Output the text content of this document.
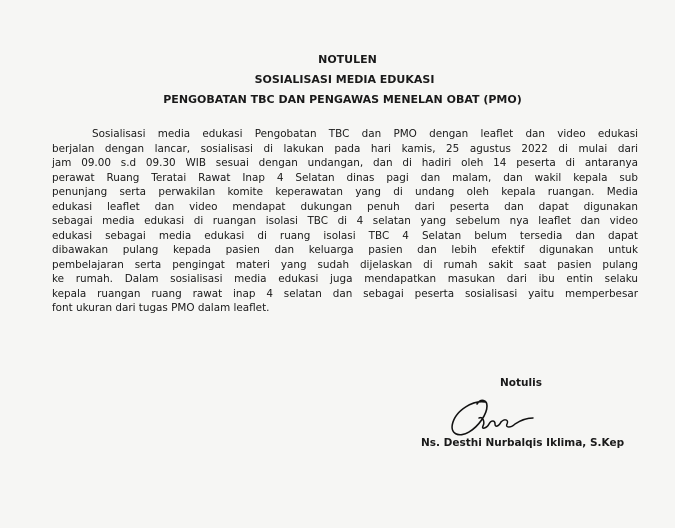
NOTULEN
SOSIALISASI MEDIA EDUKASI
PENGOBATAN TBC DAN PENGAWAS MENELAN OBAT (PMO)
Sosialisasi media edukasi Pengobatan TBC dan PMO dengan leaflet dan video edukasi
berjalan dengan lancar, sosialisasi di lakukan pada hari kamis, 25 agustus 2022 di mulai dari
jam 09.00 s.d 09.30 WIB sesuai dengan undangan, dan di hadiri oleh 14 peserta di antaranya
perawat Ruang Teratai Rawat Inap 4 Selatan dinas pagi dan malam, dan wakil kepala sub
penunjang serta perwakilan komite keperawatan yang di undang oleh kepala ruangan. Media
edukasi leaflet dan video mendapat dukungan penuh dari peserta dan dapat digunakan
sebagai media edukasi di ruangan isolasi TBC di 4 selatan yang sebelum nya leaflet dan video
edukasi sebagai media edukasi di ruang isolasi TBC 4 Selatan belum tersedia dan dapat
dibawakan pulang kepada pasien dan keluarga pasien dan lebih efektif digunakan untuk
pembelajaran serta pengingat materi yang sudah dijelaskan di rumah sakit saat pasien pulang
ke rumah. Dalam sosialisasi media edukasi juga mendapatkan masukan dari ibu entin selaku
kepala ruangan ruang rawat inap 4 selatan dan sebagai peserta sosialisasi yaitu memperbesar
font ukuran dari tugas PMO dalam leaflet.
Notulis
Ns. Desthi Nurbalqis Iklima, S.Kep
